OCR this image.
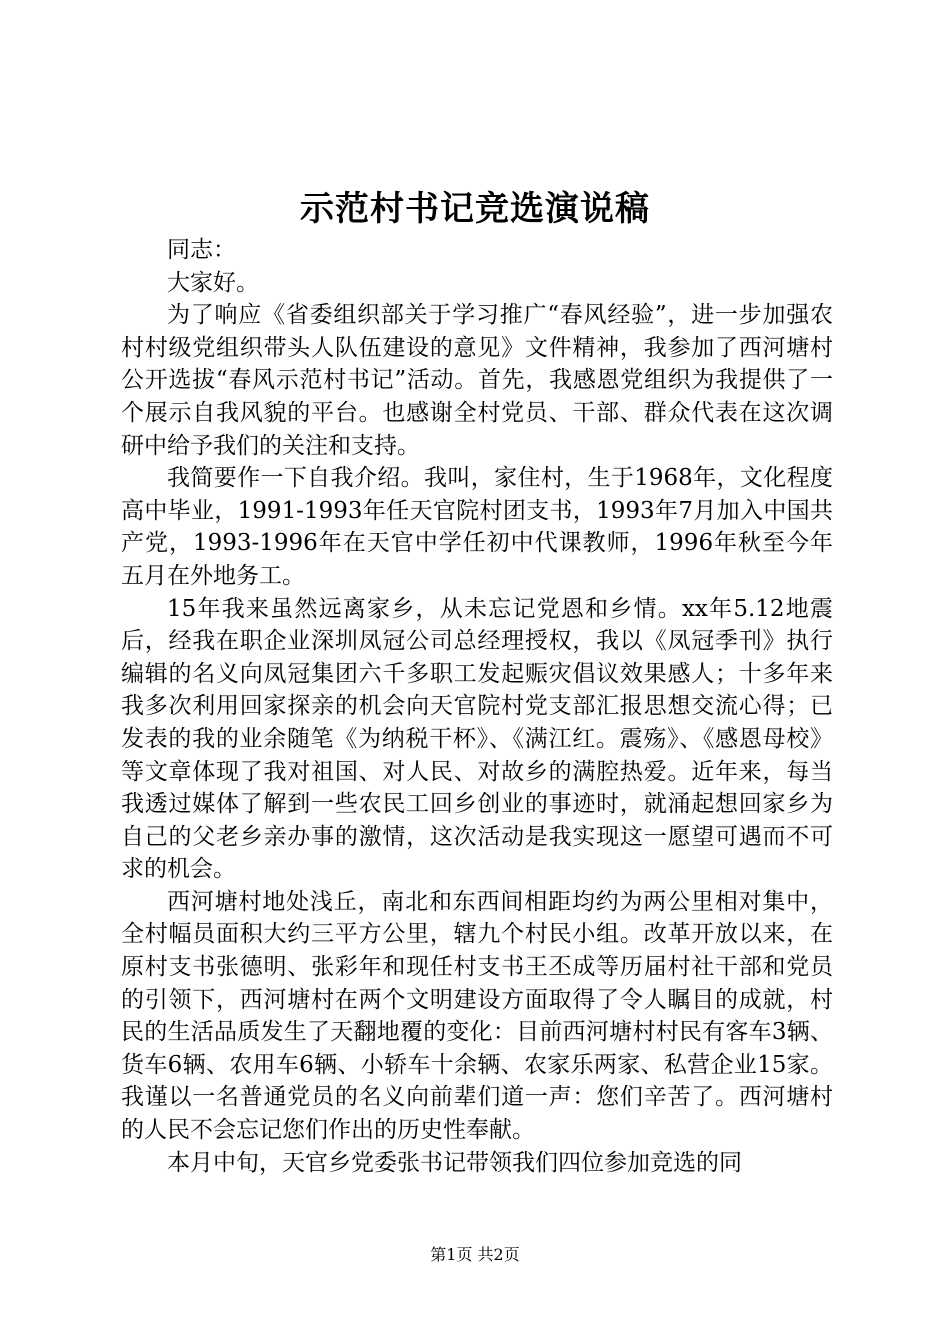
示范村书记竞选演说稿

同志：

大家好。

为了响应《省委组织部关于学习推广“春风经验”，进一步加强农村村级党组织带头人队伍建设的意见》文件精神，我参加了西河塘村公开选拔“春风示范村书记”活动。首先，我感恩党组织为我提供了一个展示自我风貌的平台。也感谢全村党员、干部、群众代表在这次调研中给予我们的关注和支持。

我简要作一下自我介绍。我叫，家住村，生于1968年，文化程度高中毕业，1991-1993年任天官院村团支书，1993年7月加入中国共产党，1993-1996年在天官中学任初中代课教师，1996年秋至今年五月在外地务工。

15年我来虽然远离家乡，从未忘记党恩和乡情。xx年5.12地震后，经我在职企业深圳凤冠公司总经理授权，我以《凤冠季刊》执行编辑的名义向凤冠集团六千多职工发起赈灾倡议效果感人；十多年来我多次利用回家探亲的机会向天官院村党支部汇报思想交流心得；已发表的我的业余随笔《为纳税干杯》、《满江红。震殇》、《感恩母校》等文章体现了我对祖国、对人民、对故乡的满腔热爱。近年来，每当我透过媒体了解到一些农民工回乡创业的事迹时，就涌起想回家乡为自己的父老乡亲办事的激情，这次活动是我实现这一愿望可遇而不可求的机会。

西河塘村地处浅丘，南北和东西间相距均约为两公里相对集中，全村幅员面积大约三平方公里，辖九个村民小组。改革开放以来，在原村支书张德明、张彩年和现任村支书王丕成等历届村社干部和党员的引领下，西河塘村在两个文明建设方面取得了令人瞩目的成就，村民的生活品质发生了天翻地覆的变化：目前西河塘村村民有客车3辆、货车6辆、农用车6辆、小轿车十余辆、农家乐两家、私营企业15家。我谨以一名普通党员的名义向前辈们道一声：您们辛苦了。西河塘村的人民不会忘记您们作出的历史性奉献。

本月中旬，天官乡党委张书记带领我们四位参加竞选的同

第1页 共2页
